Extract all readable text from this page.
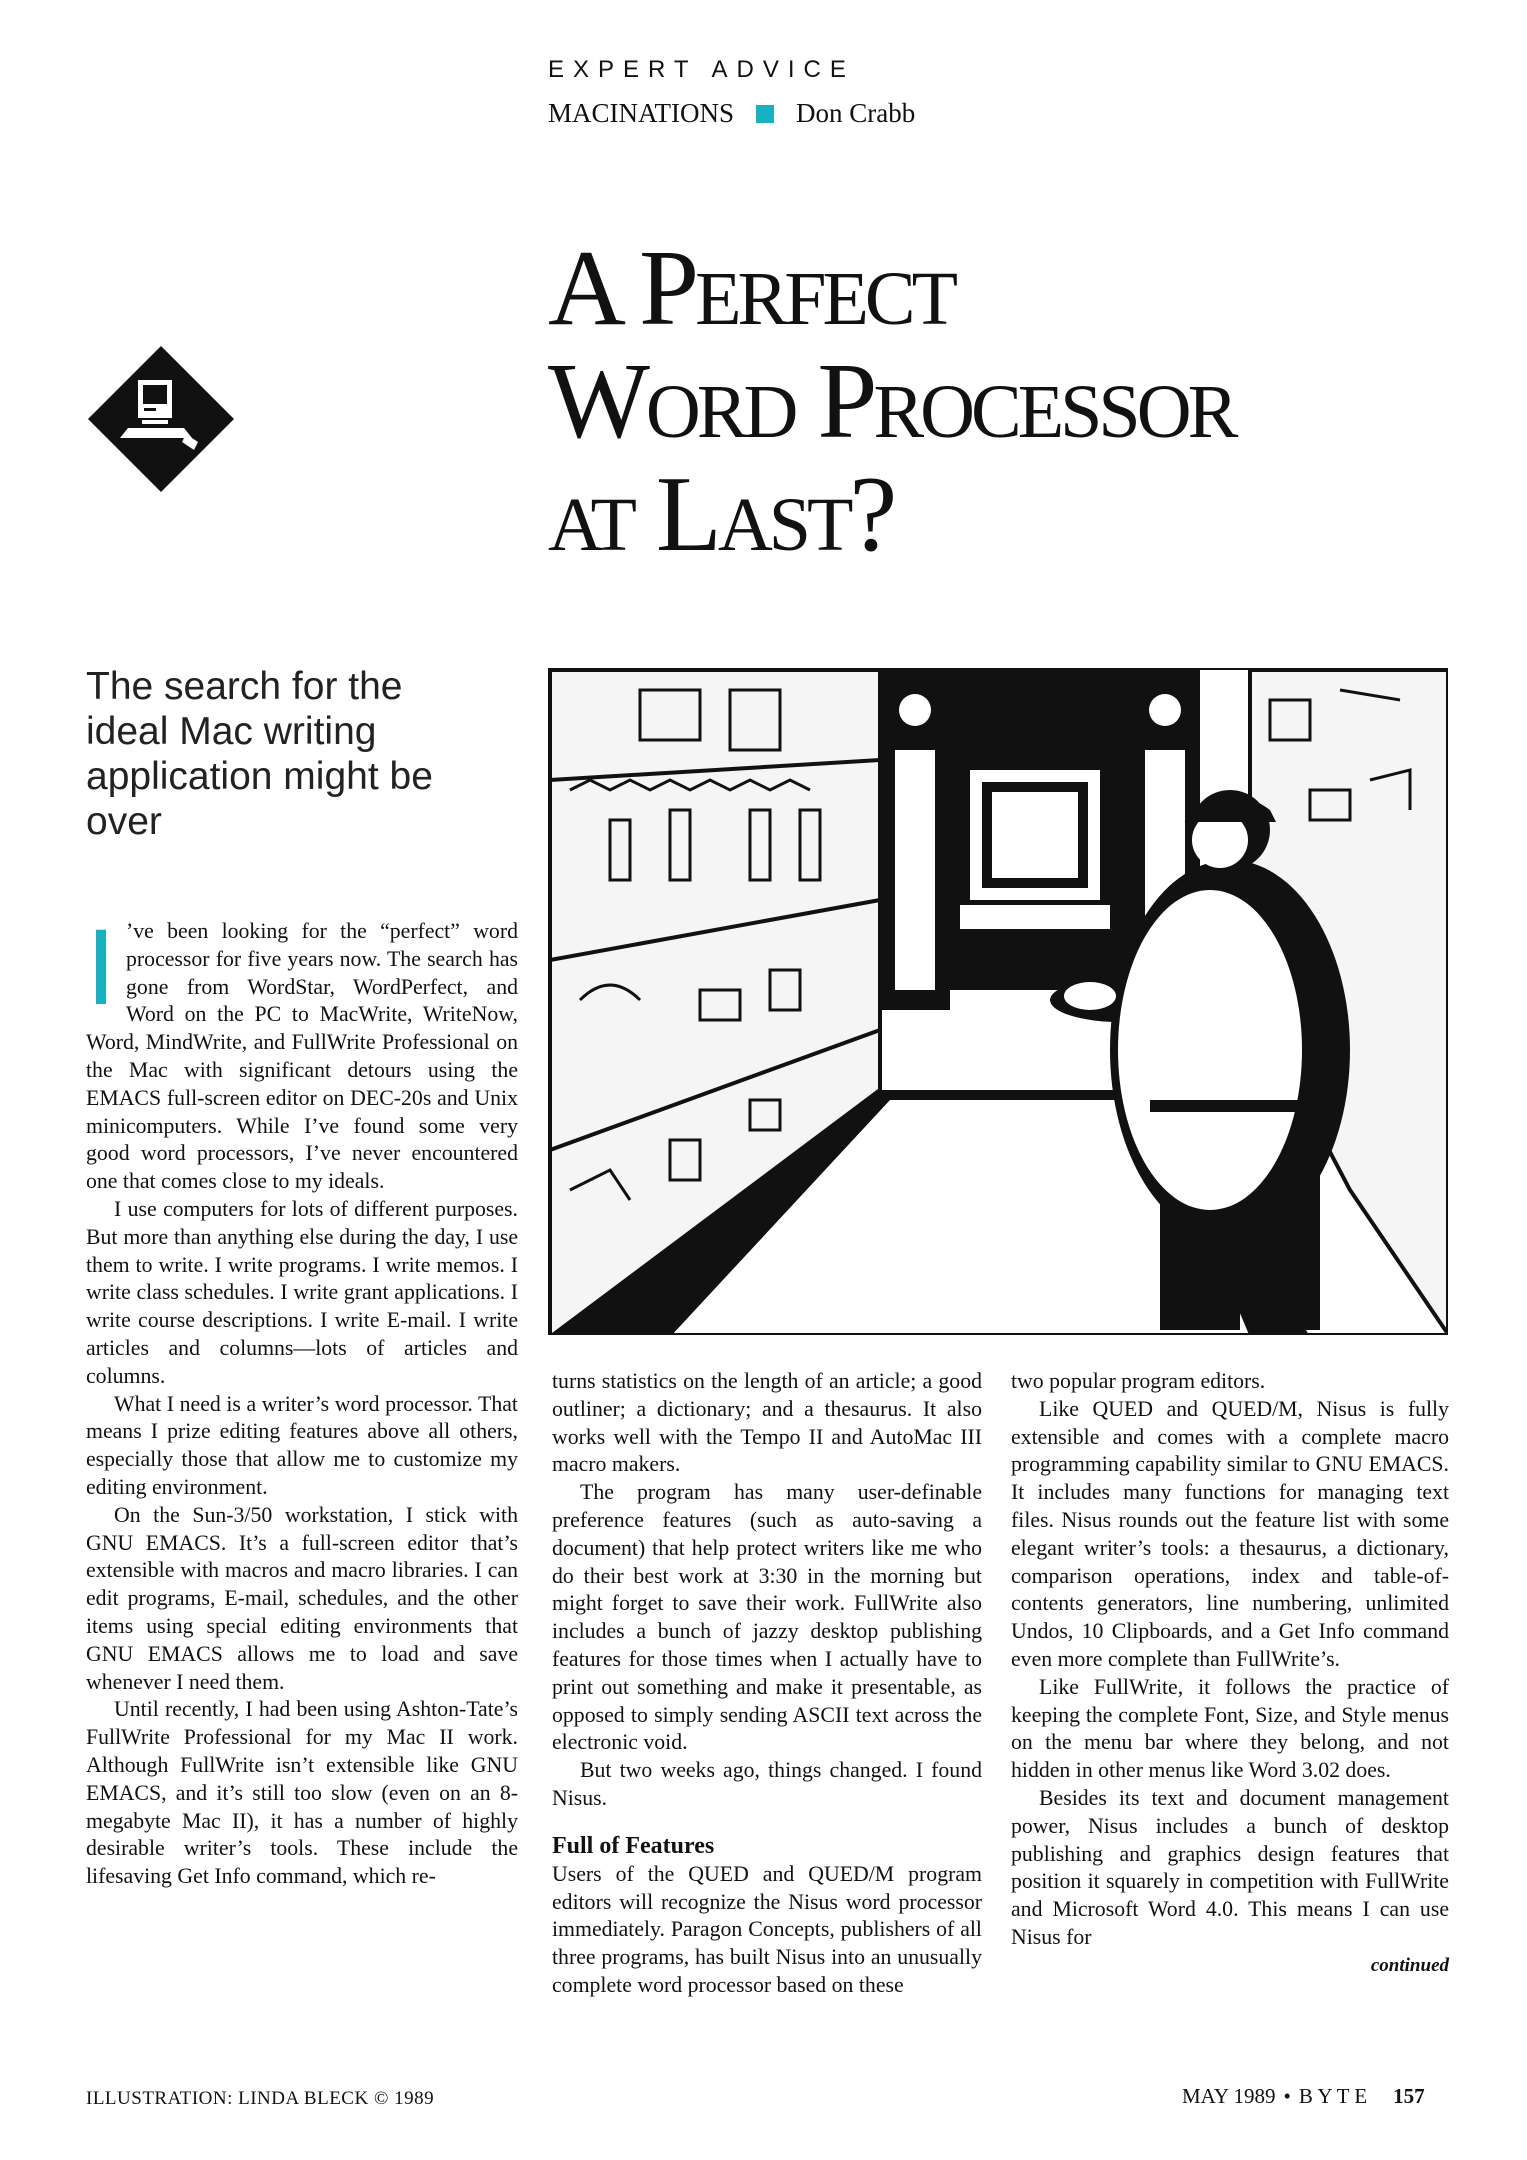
EXPERT ADVICE
MACINATIONS Don Crabb
A Perfect
Word Processor
at Last?
The search for the ideal Mac writing application might be over
I ’ve been looking for the “perfect” word processor for five years now. The search has gone from WordStar, WordPerfect, and Word on the PC to MacWrite, WriteNow, Word, MindWrite, and FullWrite Professional on the Mac with significant detours using the EMACS full-screen editor on DEC-20s and Unix minicomputers. While I’ve found some very good word processors, I’ve never encountered one that comes close to my ideals.

I use computers for lots of different purposes. But more than anything else during the day, I use them to write. I write programs. I write memos. I write class schedules. I write grant applications. I write course descriptions. I write E-mail. I write articles and columns—lots of articles and columns.

What I need is a writer’s word processor. That means I prize editing features above all others, especially those that allow me to customize my editing environment.

On the Sun-3/50 workstation, I stick with GNU EMACS. It’s a full-screen editor that’s extensible with macros and macro libraries. I can edit programs, E-mail, schedules, and the other items using special editing environments that GNU EMACS allows me to load and save whenever I need them.

Until recently, I had been using Ashton-Tate’s FullWrite Professional for my Mac II work. Although FullWrite isn’t extensible like GNU EMACS, and it’s still too slow (even on an 8-megabyte Mac II), it has a number of highly desirable writer’s tools. These include the lifesaving Get Info command, which re-

turns statistics on the length of an article; a good outliner; a dictionary; and a thesaurus. It also works well with the Tempo II and AutoMac III macro makers.

The program has many user-definable preference features (such as auto-saving a document) that help protect writers like me who do their best work at 3:30 in the morning but might forget to save their work. FullWrite also includes a bunch of jazzy desktop publishing features for those times when I actually have to print out something and make it presentable, as opposed to simply sending ASCII text across the electronic void.

But two weeks ago, things changed. I found Nisus.

Full of Features

Users of the QUED and QUED/M program editors will recognize the Nisus word processor immediately. Paragon Concepts, publishers of all three programs, has built Nisus into an unusually complete word processor based on these

two popular program editors.

Like QUED and QUED/M, Nisus is fully extensible and comes with a complete macro programming capability similar to GNU EMACS. It includes many functions for managing text files. Nisus rounds out the feature list with some elegant writer’s tools: a thesaurus, a dictionary, comparison operations, index and table-of-contents generators, line numbering, unlimited Undos, 10 Clipboards, and a Get Info command even more complete than FullWrite’s.

Like FullWrite, it follows the practice of keeping the complete Font, Size, and Style menus on the menu bar where they belong, and not hidden in other menus like Word 3.02 does.

Besides its text and document management power, Nisus includes a bunch of desktop publishing and graphics design features that position it squarely in competition with FullWrite and Microsoft Word 4.0. This means I can use Nisus for

continued
ILLUSTRATION: LINDA BLECK © 1989	MAY 1989 • B Y T E 157
